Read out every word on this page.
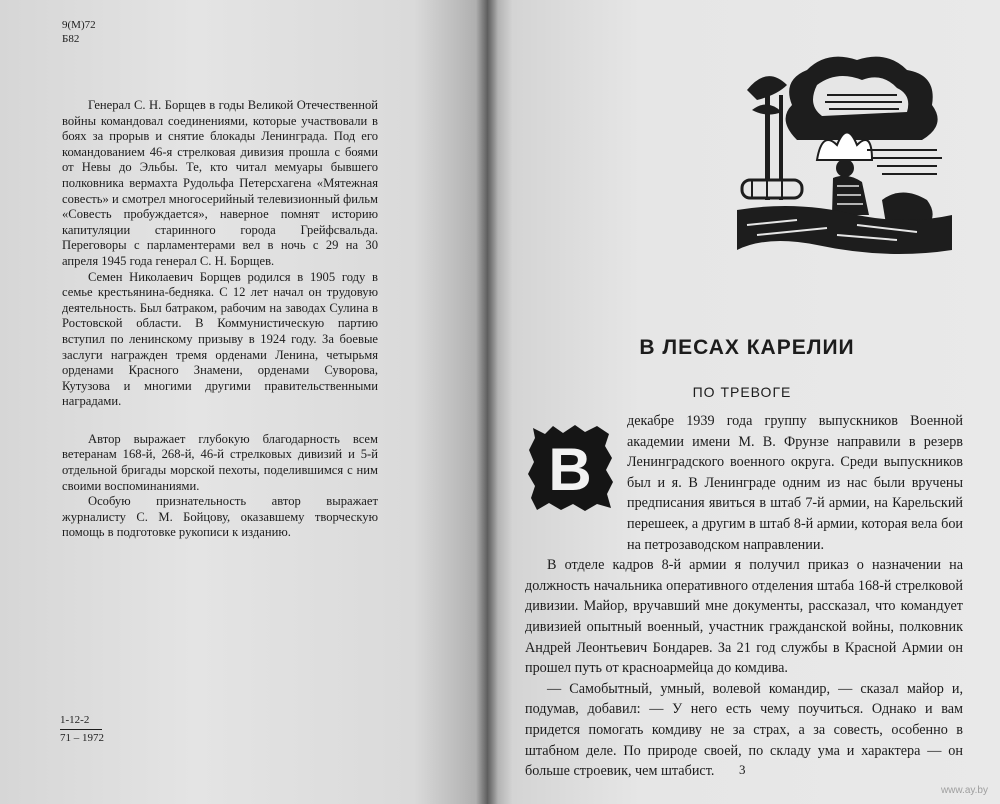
9(М)72
Б82

Генерал С. Н. Борщев в годы Великой Отечественной войны командовал соединениями, которые участвовали в боях за прорыв и снятие блокады Ленинграда. Под его командованием 46-я стрелковая дивизия прошла с боями от Невы до Эльбы. Те, кто читал мемуары бывшего полковника вермахта Рудольфа Петерсхагена «Мятежная совесть» и смотрел многосерийный телевизионный фильм «Совесть пробуждается», наверное помнят историю капитуляции старинного города Грейфсвальда. Переговоры с парламентерами вел в ночь с 29 на 30 апреля 1945 года генерал С. Н. Борщев.

Семен Николаевич Борщев родился в 1905 году в семье крестьянина-бедняка. С 12 лет начал он трудовую деятельность. Был батраком, рабочим на заводах Сулина в Ростовской области. В Коммунистическую партию вступил по ленинскому призыву в 1924 году. За боевые заслуги награжден тремя орденами Ленина, четырьмя орденами Красного Знамени, орденами Суворова, Кутузова и многими другими правительственными наградами.

Автор выражает глубокую благодарность всем ветеранам 168-й, 268-й, 46-й стрелковых дивизий и 5-й отдельной бригады морской пехоты, поделившимся с ним своими воспоминаниями.

Особую признательность автор выражает журналисту С. М. Бойцову, оказавшему творческую помощь в подготовке рукописи к изданию.

1-12-2
71 – 1972
В ЛЕСАХ КАРЕЛИИ
ПО ТРЕВОГЕ
В

декабре 1939 года группу выпускников Военной академии имени М. В. Фрунзе направили в резерв Ленинградского военного округа. Среди выпускников был и я. В Ленинграде одним из нас были вручены предписания явиться в штаб 7-й армии, на Карельский перешеек, а другим в штаб 8-й армии, которая вела бои на петрозаводском направлении.

В отделе кадров 8-й армии я получил приказ о назначении на должность начальника оперативного отделения штаба 168-й стрелковой дивизии. Майор, вручавший мне документы, рассказал, что командует дивизией опытный военный, участник гражданской войны, полковник Андрей Леонтьевич Бондарев. За 21 год службы в Красной Армии он прошел путь от красноармейца до комдива.

— Самобытный, умный, волевой командир, — сказал майор и, подумав, добавил: — У него есть чему поучиться. Однако и вам придется помогать комдиву не за страх, а за совесть, особенно в штабном деле. По природе своей, по складу ума и характера — он больше строевик, чем штабист.	3
www.ay.by
